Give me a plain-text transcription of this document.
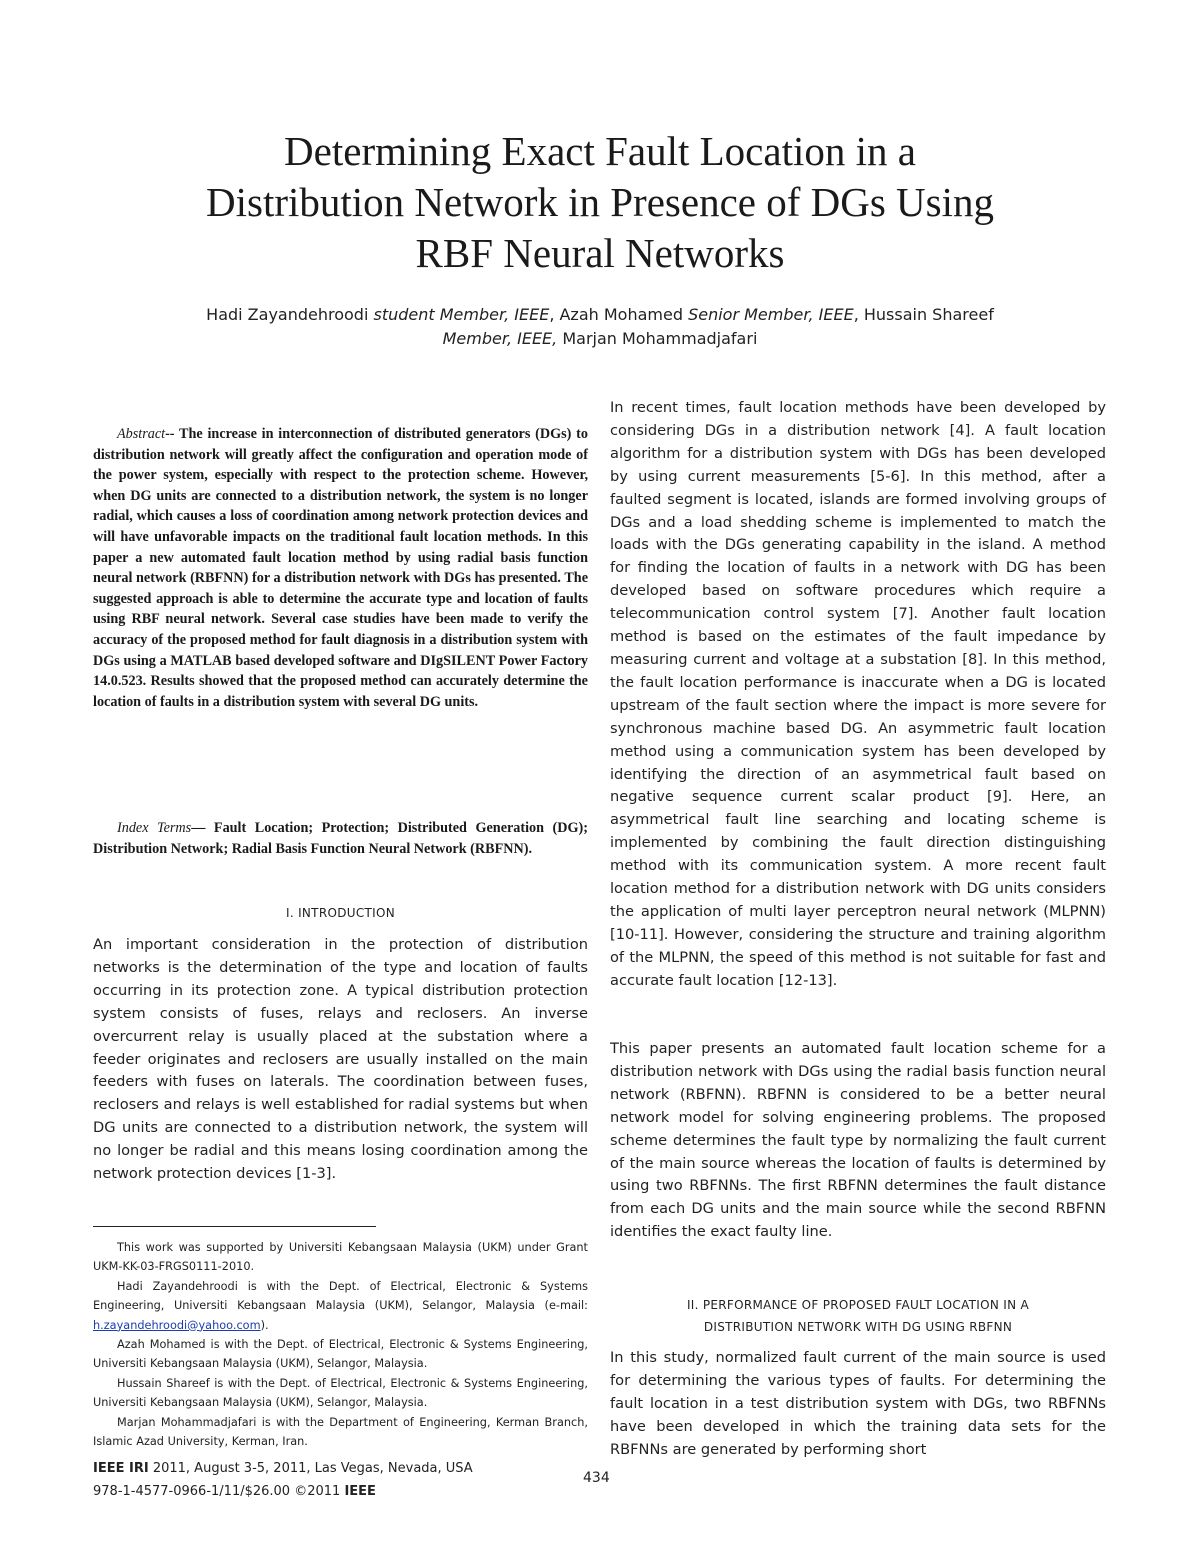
Determining Exact Fault Location in a
Distribution Network in Presence of DGs Using
RBF Neural Networks
Hadi Zayandehroodi student Member, IEEE, Azah Mohamed Senior Member, IEEE, Hussain Shareef
Member, IEEE, Marjan Mohammadjafari
Abstract-- The increase in interconnection of distributed generators (DGs) to distribution network will greatly affect the configuration and operation mode of the power system, especially with respect to the protection scheme. However, when DG units are connected to a distribution network, the system is no longer radial, which causes a loss of coordination among network protection devices and will have unfavorable impacts on the traditional fault location methods. In this paper a new automated fault location method by using radial basis function neural network (RBFNN) for a distribution network with DGs has presented. The suggested approach is able to determine the accurate type and location of faults using RBF neural network. Several case studies have been made to verify the accuracy of the proposed method for fault diagnosis in a distribution system with DGs using a MATLAB based developed software and DIgSILENT Power Factory 14.0.523. Results showed that the proposed method can accurately determine the location of faults in a distribution system with several DG units.
Index Terms— Fault Location; Protection; Distributed Generation (DG); Distribution Network; Radial Basis Function Neural Network (RBFNN).
I. INTRODUCTION

An important consideration in the protection of distribution networks is the determination of the type and location of faults occurring in its protection zone. A typical distribution protection system consists of fuses, relays and reclosers. An inverse overcurrent relay is usually placed at the substation where a feeder originates and reclosers are usually installed on the main feeders with fuses on laterals. The coordination between fuses, reclosers and relays is well established for radial systems but when DG units are connected to a distribution network, the system will no longer be radial and this means losing coordination among the network protection devices [1-3].

This work was supported by Universiti Kebangsaan Malaysia (UKM) under Grant UKM-KK-03-FRGS0111-2010.

Hadi Zayandehroodi is with the Dept. of Electrical, Electronic & Systems Engineering, Universiti Kebangsaan Malaysia (UKM), Selangor, Malaysia (e-mail: h.zayandehroodi@yahoo.com).

Azah Mohamed is with the Dept. of Electrical, Electronic & Systems Engineering, Universiti Kebangsaan Malaysia (UKM), Selangor, Malaysia.

Hussain Shareef is with the Dept. of Electrical, Electronic & Systems Engineering, Universiti Kebangsaan Malaysia (UKM), Selangor, Malaysia.

Marjan Mohammadjafari is with the Department of Engineering, Kerman Branch, Islamic Azad University, Kerman, Iran.

IEEE IRI 2011, August 3-5, 2011, Las Vegas, Nevada, USA
978-1-4577-0966-1/11/$26.00 ©2011 IEEE
434

In recent times, fault location methods have been developed by considering DGs in a distribution network [4]. A fault location algorithm for a distribution system with DGs has been developed by using current measurements [5-6]. In this method, after a faulted segment is located, islands are formed involving groups of DGs and a load shedding scheme is implemented to match the loads with the DGs generating capability in the island. A method for finding the location of faults in a network with DG has been developed based on software procedures which require a telecommunication control system [7]. Another fault location method is based on the estimates of the fault impedance by measuring current and voltage at a substation [8]. In this method, the fault location performance is inaccurate when a DG is located upstream of the fault section where the impact is more severe for synchronous machine based DG. An asymmetric fault location method using a communication system has been developed by identifying the direction of an asymmetrical fault based on negative sequence current scalar product [9]. Here, an asymmetrical fault line searching and locating scheme is implemented by combining the fault direction distinguishing method with its communication system. A more recent fault location method for a distribution network with DG units considers the application of multi layer perceptron neural network (MLPNN) [10-11]. However, considering the structure and training algorithm of the MLPNN, the speed of this method is not suitable for fast and accurate fault location [12-13].

This paper presents an automated fault location scheme for a distribution network with DGs using the radial basis function neural network (RBFNN). RBFNN is considered to be a better neural network model for solving engineering problems. The proposed scheme determines the fault type by normalizing the fault current of the main source whereas the location of faults is determined by using two RBFNNs. The first RBFNN determines the fault distance from each DG units and the main source while the second RBFNN identifies the exact faulty line.

II. PERFORMANCE OF PROPOSED FAULT LOCATION IN A
DISTRIBUTION NETWORK WITH DG USING RBFNN

In this study, normalized fault current of the main source is used for determining the various types of faults. For determining the fault location in a test distribution system with DGs, two RBFNNs have been developed in which the training data sets for the RBFNNs are generated by performing short
